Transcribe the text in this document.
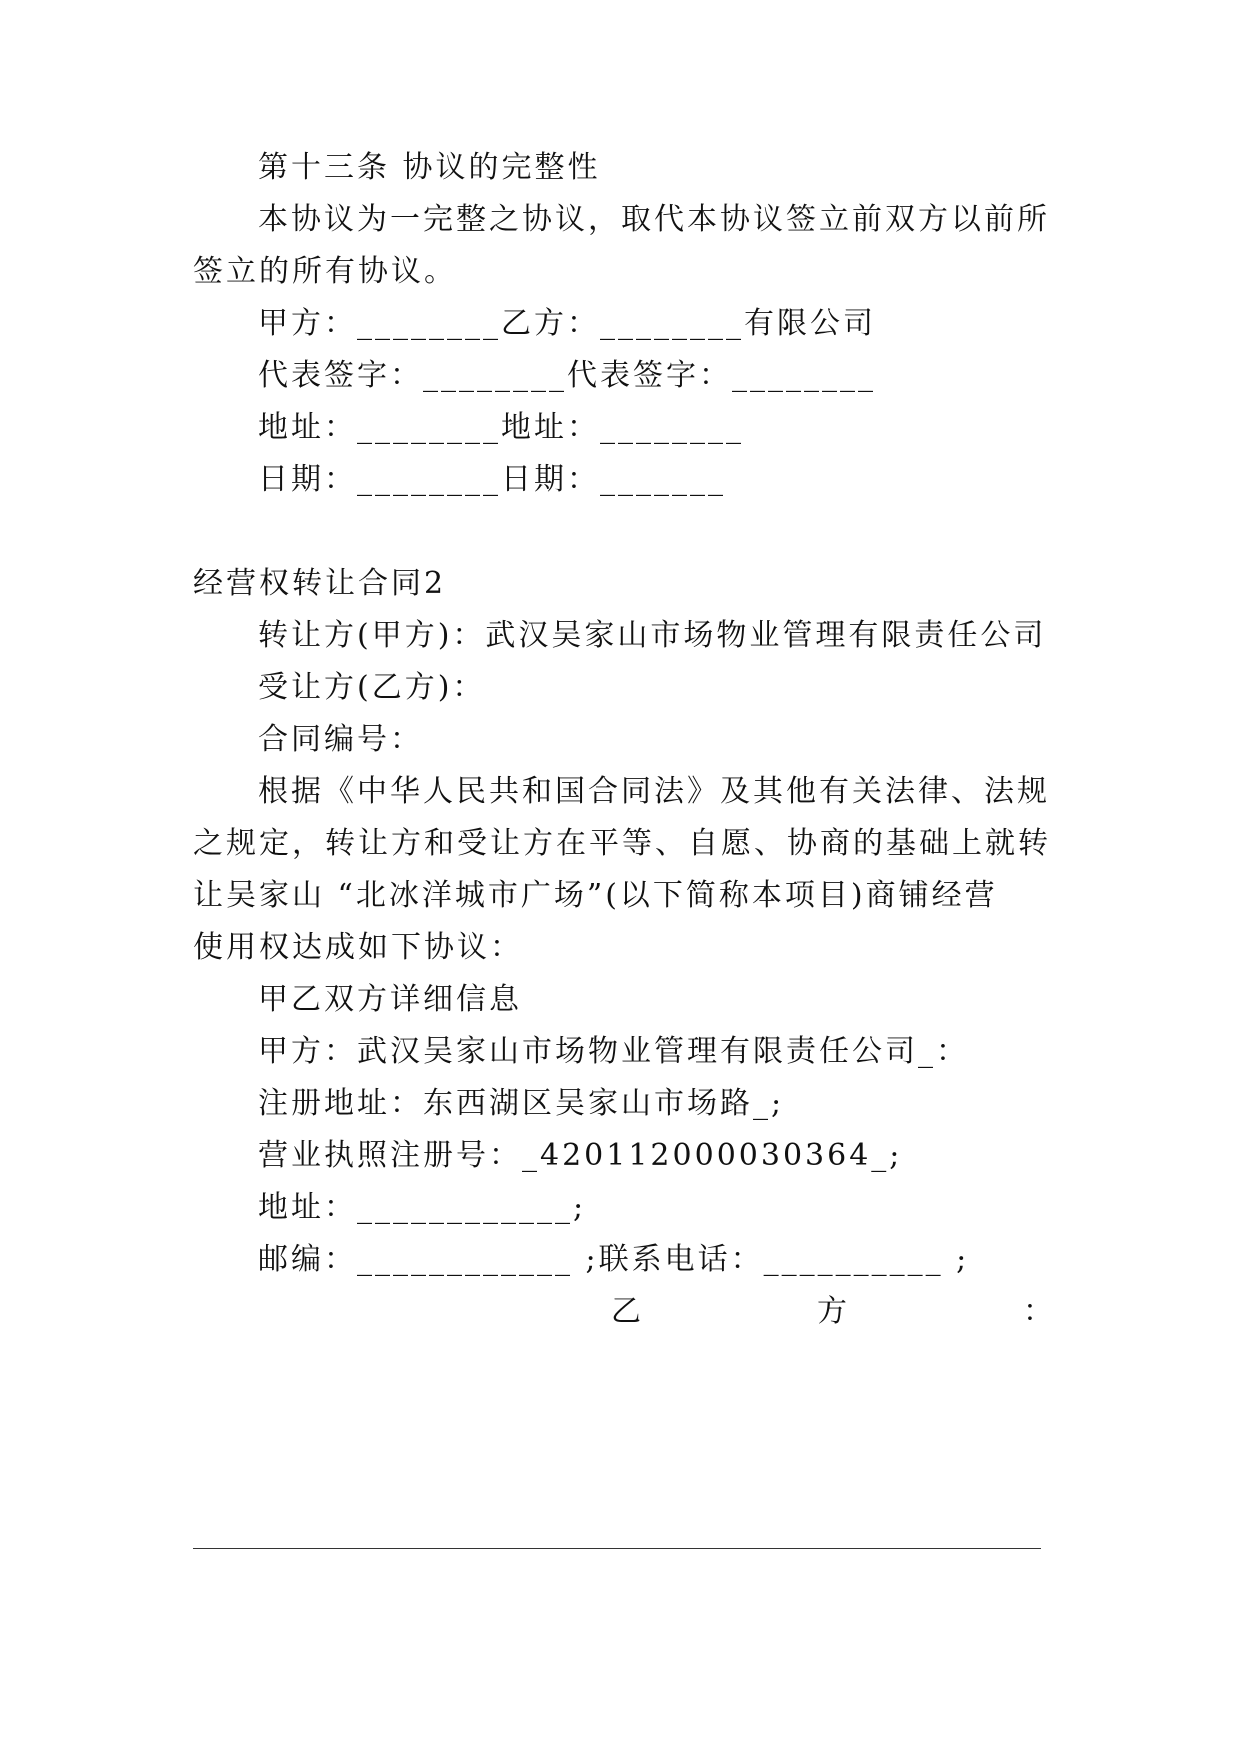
第十三条 协议的完整性
本协议为一完整之协议，取代本协议签立前双方以前所
签立的所有协议。
甲方：________乙方：________有限公司
代表签字：________代表签字：________
地址：________地址：________
日期：________日期：_______
经营权转让合同2
转让方(甲方)：武汉吴家山市场物业管理有限责任公司
受让方(乙方)：
合同编号：
根据《中华人民共和国合同法》及其他有关法律、法规
之规定，转让方和受让方在平等、自愿、协商的基础上就转
让吴家山 “北冰洋城市广场”(以下简称本项目)商铺经营
使用权达成如下协议：
甲乙双方详细信息
甲方：武汉吴家山市场物业管理有限责任公司_：
注册地址：东西湖区吴家山市场路_;
营业执照注册号：_420112000030364_;
地址：____________;
邮编：____________ ;联系电话：__________ ;
乙	方	：
